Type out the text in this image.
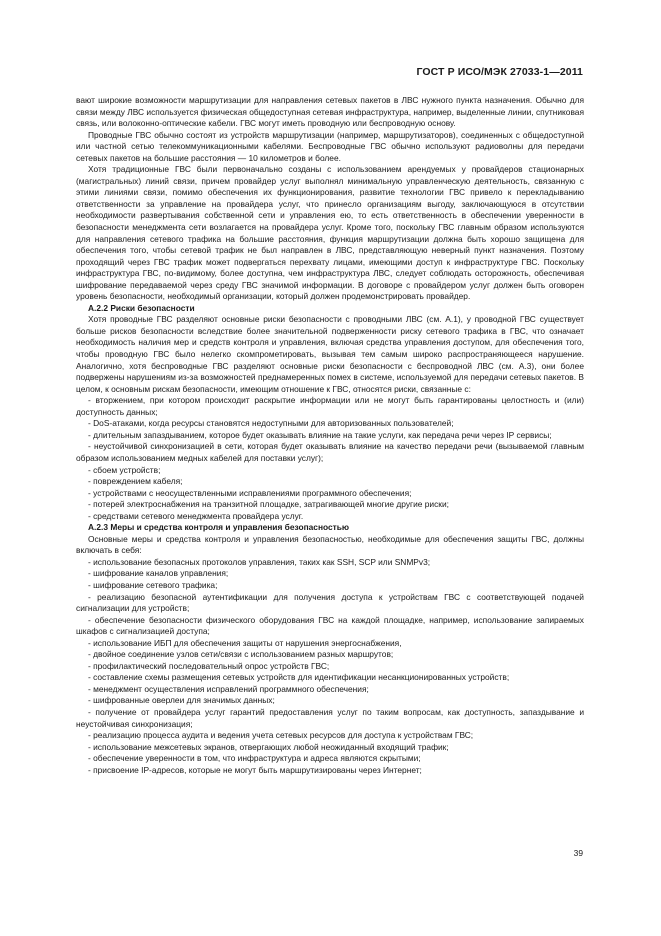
ГОСТ Р ИСО/МЭК 27033-1—2011

вают широкие возможности маршрутизации для направления сетевых пакетов в ЛВС нужного пункта назначения. Обычно для связи между ЛВС используется физическая общедоступная сетевая инфраструктура, например, выделенные линии, спутниковая связь, или волоконно-оптические кабели. ГВС могут иметь проводную или беспроводную основу.

Проводные ГВС обычно состоят из устройств маршрутизации (например, маршрутизаторов), соединенных с общедоступной или частной сетью телекоммуникационными кабелями. Беспроводные ГВС обычно используют радиоволны для передачи сетевых пакетов на большие расстояния — 10 километров и более.

Хотя традиционные ГВС были первоначально созданы с использованием арендуемых у провайдеров стационарных (магистральных) линий связи, причем провайдер услуг выполнял минимальную управленческую деятельность, связанную с этими линиями связи, помимо обеспечения их функционирования, развитие технологии ГВС привело к перекладыванию ответственности за управление на провайдера услуг, что принесло организациям выгоду, заключающуюся в отсутствии необходимости развертывания собственной сети и управления ею, то есть ответственность в обеспечении уверенности в безопасности менеджмента сети возлагается на провайдера услуг. Кроме того, поскольку ГВС главным образом используются для направления сетевого трафика на большие расстояния, функция маршрутизации должна быть хорошо защищена для обеспечения того, чтобы сетевой трафик не был направлен в ЛВС, представляющую неверный пункт назначения. Поэтому проходящий через ГВС трафик может подвергаться перехвату лицами, имеющими доступ к инфраструктуре ГВС. Поскольку инфраструктура ГВС, по-видимому, более доступна, чем инфраструктура ЛВС, следует соблюдать осторожность, обеспечивая шифрование передаваемой через среду ГВС значимой информации. В договоре с провайдером услуг должен быть оговорен уровень безопасности, необходимый организации, который должен продемонстрировать провайдер.

А.2.2 Риски безопасности

Хотя проводные ГВС разделяют основные риски безопасности с проводными ЛВС (см. А.1), у проводной ГВС существует больше рисков безопасности вследствие более значительной подверженности риску сетевого трафика в ГВС, что означает необходимость наличия мер и средств контроля и управления, включая средства управления доступом, для обеспечения того, чтобы проводную ГВС было нелегко скомпрометировать, вызывая тем самым широко распространяющееся нарушение. Аналогично, хотя беспроводные ГВС разделяют основные риски безопасности с беспроводной ЛВС (см. А.3), они более подвержены нарушениям из-за возможностей преднамеренных помех в системе, используемой для передачи сетевых пакетов. В целом, к основным рискам безопасности, имеющим отношение к ГВС, относятся риски, связанные с:

- вторжением, при котором происходит раскрытие информации или не могут быть гарантированы целостность и (или) доступность данных;

- DoS-атаками, когда ресурсы становятся недоступными для авторизованных пользователей;

- длительным запаздыванием, которое будет оказывать влияние на такие услуги, как передача речи через IP сервисы;

- неустойчивой синхронизацией в сети, которая будет оказывать влияние на качество передачи речи (вызываемой главным образом использованием медных кабелей для поставки услуг);

- сбоем устройств;

- повреждением кабеля;

- устройствами с неосуществленными исправлениями программного обеспечения;

- потерей электроснабжения на транзитной площадке, затрагивающей многие другие риски;

- средствами сетевого менеджмента провайдера услуг.

А.2.3 Меры и средства контроля и управления безопасностью

Основные меры и средства контроля и управления безопасностью, необходимые для обеспечения защиты ГВС, должны включать в себя:

- использование безопасных протоколов управления, таких как SSH, SCP или SNMPv3;

- шифрование каналов управления;

- шифрование сетевого трафика;

- реализацию безопасной аутентификации для получения доступа к устройствам ГВС с соответствующей подачей сигнализации для устройств;

- обеспечение безопасности физического оборудования ГВС на каждой площадке, например, использование запираемых шкафов с сигнализацией доступа;

- использование ИБП для обеспечения защиты от нарушения энергоснабжения,

- двойное соединение узлов сети/связи с использованием разных маршрутов;

- профилактический последовательный опрос устройств ГВС;

- составление схемы размещения сетевых устройств для идентификации несанкционированных устройств;

- менеджмент осуществления исправлений программного обеспечения;

- шифрованные оверлеи для значимых данных;

- получение от провайдера услуг гарантий предоставления услуг по таким вопросам, как доступность, запаздывание и неустойчивая синхронизация;

- реализацию процесса аудита и ведения учета сетевых ресурсов для доступа к устройствам ГВС;

- использование межсетевых экранов, отвергающих любой неожиданный входящий трафик;

- обеспечение уверенности в том, что инфраструктура и адреса являются скрытыми;

- присвоение IP-адресов, которые не могут быть маршрутизированы через Интернет;

39
